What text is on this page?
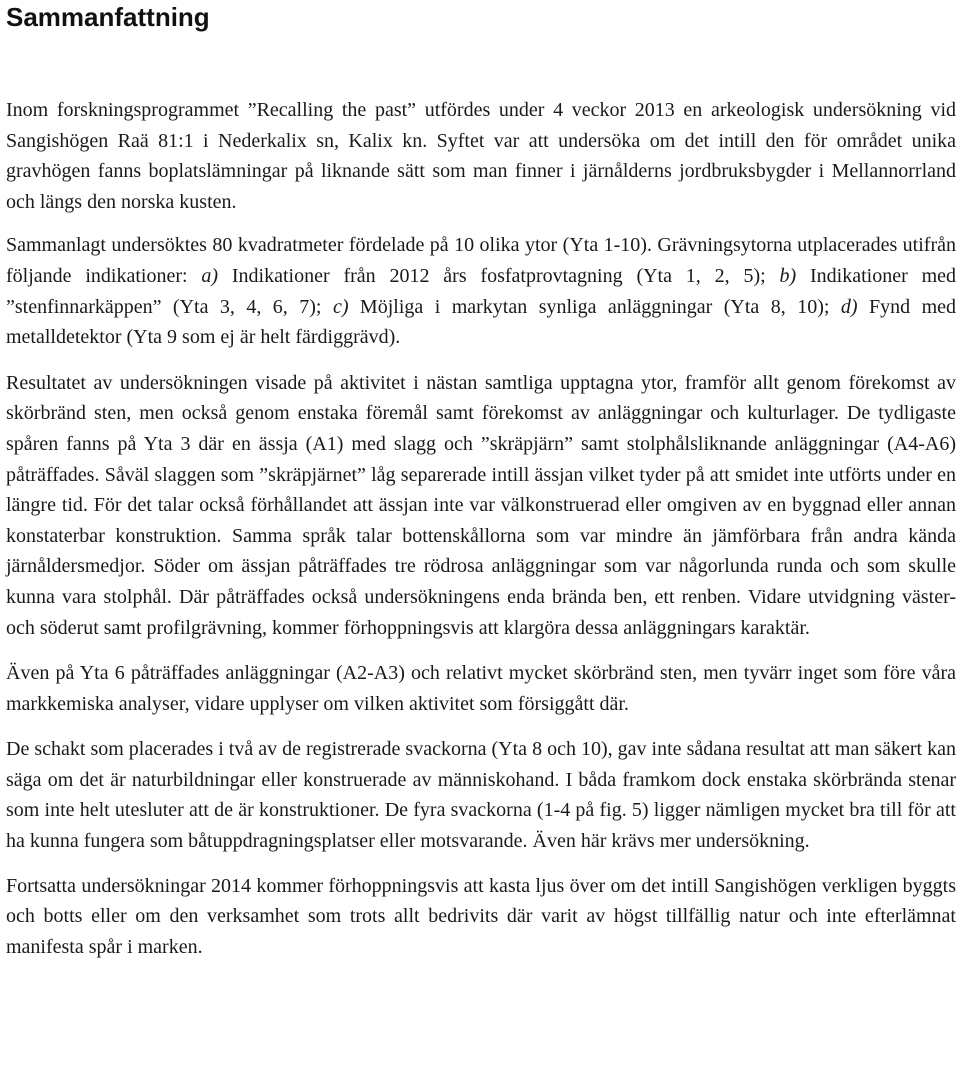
Sammanfattning

Inom forskningsprogrammet ”Recalling the past” utfördes under 4 veckor 2013 en arkeologisk undersökning vid Sangishögen Raä 81:1 i Nederkalix sn, Kalix kn. Syftet var att undersöka om det intill den för området unika gravhögen fanns boplatslämningar på liknande sätt som man finner i järnålderns jordbruksbygder i Mellannorrland och längs den norska kusten.

Sammanlagt undersöktes 80 kvadratmeter fördelade på 10 olika ytor (Yta 1-10). Grävningsytorna utplacerades utifrån följande indikationer: a) Indikationer från 2012 års fosfatprovtagning (Yta 1, 2, 5); b) Indikationer med ”stenfinnarkäppen” (Yta 3, 4, 6, 7); c) Möjliga i markytan synliga anläggningar (Yta 8, 10); d) Fynd med metalldetektor (Yta 9 som ej är helt färdiggrävd).

Resultatet av undersökningen visade på aktivitet i nästan samtliga upptagna ytor, framför allt genom förekomst av skörbränd sten, men också genom enstaka föremål samt förekomst av anläggningar och kulturlager. De tydligaste spåren fanns på Yta 3 där en ässja (A1) med slagg och ”skräpjärn” samt stolphålsliknande anläggningar (A4-A6) påträffades. Såväl slaggen som ”skräpjärnet” låg separerade intill ässjan vilket tyder på att smidet inte utförts under en längre tid. För det talar också förhållandet att ässjan inte var välkonstruerad eller omgiven av en byggnad eller annan konstaterbar konstruktion. Samma språk talar bottenskållorna som var mindre än jämförbara från andra kända järnåldersmedjor. Söder om ässjan påträffades tre rödrosa anläggningar som var någorlunda runda och som skulle kunna vara stolphål. Där påträffades också undersökningens enda brända ben, ett renben. Vidare utvidgning väster- och söderut samt profilgrävning, kommer förhoppningsvis att klargöra dessa anläggningars karaktär.

Även på Yta 6 påträffades anläggningar (A2-A3) och relativt mycket skörbränd sten, men tyvärr inget som före våra markkemiska analyser, vidare upplyser om vilken aktivitet som försiggått där.

De schakt som placerades i två av de registrerade svackorna (Yta 8 och 10), gav inte sådana resultat att man säkert kan säga om det är naturbildningar eller konstruerade av människohand. I båda framkom dock enstaka skörbrända stenar som inte helt utesluter att de är konstruktioner. De fyra svackorna (1-4 på fig. 5) ligger nämligen mycket bra till för att ha kunna fungera som båtuppdragningsplatser eller motsvarande. Även här krävs mer undersökning.

Fortsatta undersökningar 2014 kommer förhoppningsvis att kasta ljus över om det intill Sangishögen verkligen byggts och botts eller om den verksamhet som trots allt bedrivits där varit av högst tillfällig natur och inte efterlämnat manifesta spår i marken.
